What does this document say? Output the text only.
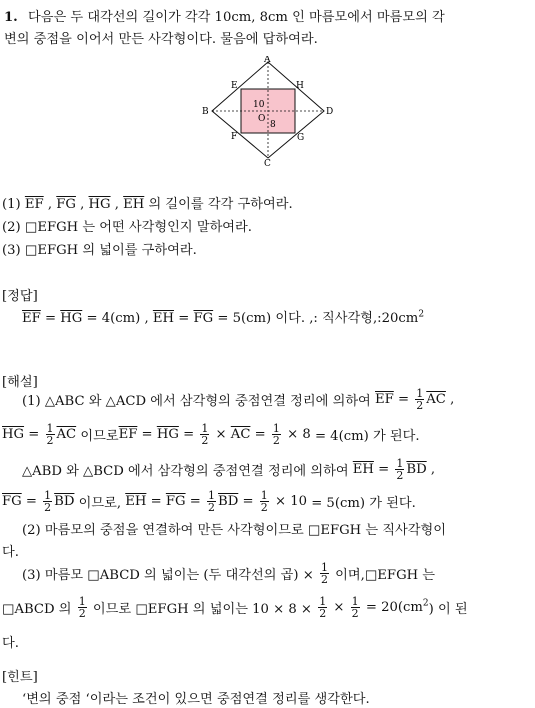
1. 다음은 두 대각선의 길이가 각각 10cm, 8cm 인 마름모에서 마름모의 각
변의 중점을 이어서 만든 사각형이다. 물음에 답하여라.
A
B
C
D
E	H
F	G
O
10
8
(1) $\overline{EF}$ , $\overline{FG}$ , $\overline{HG}$ , $\overline{EH}$ 의 길이를 각각 구하여라.
(2) □EFGH 는 어떤 사각형인지 말하여라.
(3) □EFGH 의 넓이를 구하여라.
[정답]
$\overline{EF} = \overline{HG} = 4(cm)$ , $\overline{EH} = \overline{FG} = 5(cm)$ 이다. ,: 직사각형$,:20cm^2$
[해설]
(1) △ABC 와 △ACD 에서 삼각형의 중점연결 정리에 의하여 $\overline{EF} = \frac{1}{2} \overline{AC}$ ,
$\overline{HG} = \frac{1}{2} \overline{AC}$ 이므로$\overline{EF} = \overline{HG} = \frac{1}{2} \times \overline{AC} = \frac{1}{2} \times 8 = 4(cm)$ 가 된다.
△ABD 와 △BCD 에서 삼각형의 중점연결 정리에 의하여 $\overline{EH} = \frac{1}{2} \overline{BD}$ ,
$\overline{FG} = \frac{1}{2} \overline{BD}$ 이므로, $\overline{EH} = \overline{FG} = \frac{1}{2} \overline{BD} = \frac{1}{2} \times 10 = 5(cm)$ 가 된다.
(2) 마름모의 중점을 연결하여 만든 사각형이므로 □EFGH 는 직사각형이
다.
(3) 마름모 □ABCD 의 넓이는 (두 대각선의 곱) × $\frac{1}{2}$ 이며,□EFGH 는
□ABCD 의 $\frac{1}{2}$ 이므로 □EFGH 의 넓이는 $10 \times 8 \times \frac{1}{2} \times \frac{1}{2} = 20(cm^2)$ 이 된
다.
[힌트]
‘변의 중점 ‘이라는 조건이 있으면 중점연결 정리를 생각한다.
